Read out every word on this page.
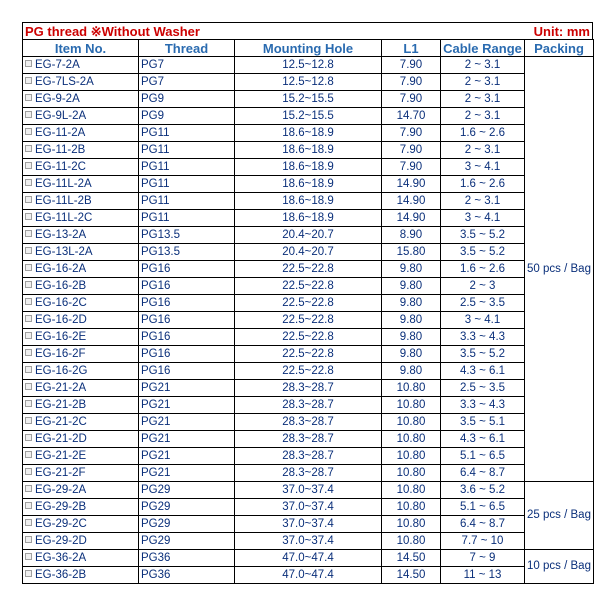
PG thread ※Without Washer	Unit: mm
Item No.	Thread	Mounting Hole	L1	Cable Range	Packing
EG-7-2A	PG7	12.5~12.8	7.90	2 ~ 3.1	50 pcs / Bag
EG-7LS-2A	PG7	12.5~12.8	7.90	2 ~ 3.1	
EG-9-2A	PG9	15.2~15.5	7.90	2 ~ 3.1	
EG-9L-2A	PG9	15.2~15.5	14.70	2 ~ 3.1	
EG-11-2A	PG11	18.6~18.9	7.90	1.6 ~ 2.6	
EG-11-2B	PG11	18.6~18.9	7.90	2 ~ 3.1	
EG-11-2C	PG11	18.6~18.9	7.90	3 ~ 4.1	
EG-11L-2A	PG11	18.6~18.9	14.90	1.6 ~ 2.6	
EG-11L-2B	PG11	18.6~18.9	14.90	2 ~ 3.1	
EG-11L-2C	PG11	18.6~18.9	14.90	3 ~ 4.1	
EG-13-2A	PG13.5	20.4~20.7	8.90	3.5 ~ 5.2	
EG-13L-2A	PG13.5	20.4~20.7	15.80	3.5 ~ 5.2	
EG-16-2A	PG16	22.5~22.8	9.80	1.6 ~ 2.6	
EG-16-2B	PG16	22.5~22.8	9.80	2 ~ 3	
EG-16-2C	PG16	22.5~22.8	9.80	2.5 ~ 3.5	
EG-16-2D	PG16	22.5~22.8	9.80	3 ~ 4.1	
EG-16-2E	PG16	22.5~22.8	9.80	3.3 ~ 4.3	
EG-16-2F	PG16	22.5~22.8	9.80	3.5 ~ 5.2	
EG-16-2G	PG16	22.5~22.8	9.80	4.3 ~ 6.1	
EG-21-2A	PG21	28.3~28.7	10.80	2.5 ~ 3.5	
EG-21-2B	PG21	28.3~28.7	10.80	3.3 ~ 4.3	
EG-21-2C	PG21	28.3~28.7	10.80	3.5 ~ 5.1	
EG-21-2D	PG21	28.3~28.7	10.80	4.3 ~ 6.1	
EG-21-2E	PG21	28.3~28.7	10.80	5.1 ~ 6.5	
EG-21-2F	PG21	28.3~28.7	10.80	6.4 ~ 8.7	
EG-29-2A	PG29	37.0~37.4	10.80	3.6 ~ 5.2	25 pcs / Bag
EG-29-2B	PG29	37.0~37.4	10.80	5.1 ~ 6.5	
EG-29-2C	PG29	37.0~37.4	10.80	6.4 ~ 8.7	
EG-29-2D	PG29	37.0~37.4	10.80	7.7 ~ 10	
EG-36-2A	PG36	47.0~47.4	14.50	7 ~ 9	10 pcs / Bag
EG-36-2B	PG36	47.0~47.4	14.50	11 ~ 13	
